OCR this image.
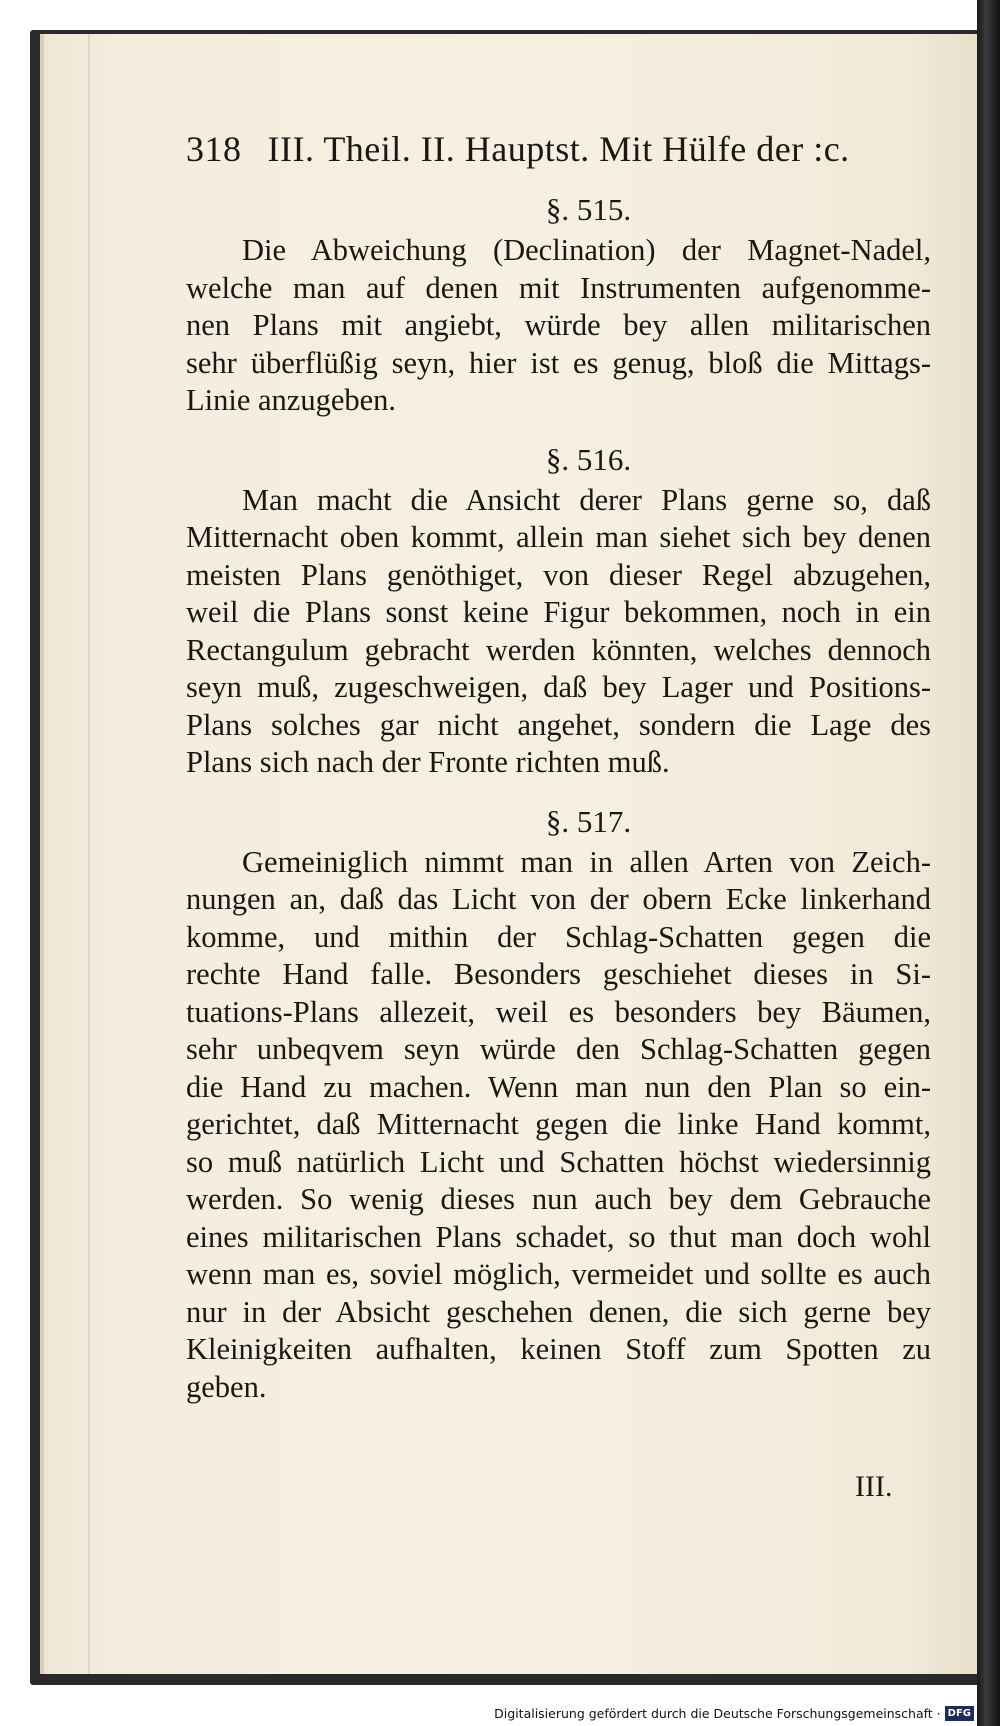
318 III. Theil. II. Hauptst. Mit Hülfe der :c.
§. 515.
Die Abweichung (Declination) der Magnet-Nadel,
welche man auf denen mit Instrumenten aufgenomme-
nen Plans mit angiebt, würde bey allen militarischen
sehr überflüßig seyn, hier ist es genug, bloß die Mittags-
Linie anzugeben.
§. 516.
Man macht die Ansicht derer Plans gerne so, daß
Mitternacht oben kommt, allein man siehet sich bey denen
meisten Plans genöthiget, von dieser Regel abzugehen,
weil die Plans sonst keine Figur bekommen, noch in ein
Rectangulum gebracht werden könnten, welches dennoch
seyn muß, zugeschweigen, daß bey Lager und Positions-
Plans solches gar nicht angehet, sondern die Lage des
Plans sich nach der Fronte richten muß.
§. 517.
Gemeiniglich nimmt man in allen Arten von Zeich-
nungen an, daß das Licht von der obern Ecke linkerhand
komme, und mithin der Schlag-Schatten gegen die
rechte Hand falle. Besonders geschiehet dieses in Si-
tuations-Plans allezeit, weil es besonders bey Bäumen,
sehr unbeqvem seyn würde den Schlag-Schatten gegen
die Hand zu machen. Wenn man nun den Plan so ein-
gerichtet, daß Mitternacht gegen die linke Hand kommt,
so muß natürlich Licht und Schatten höchst wiedersinnig
werden. So wenig dieses nun auch bey dem Gebrauche
eines militarischen Plans schadet, so thut man doch wohl
wenn man es, soviel möglich, vermeidet und sollte es auch
nur in der Absicht geschehen denen, die sich gerne bey
Kleinigkeiten aufhalten, keinen Stoff zum Spotten zu
geben.
III.
Digitalisierung gefördert durch die Deutsche Forschungsgemeinschaft · DFG
